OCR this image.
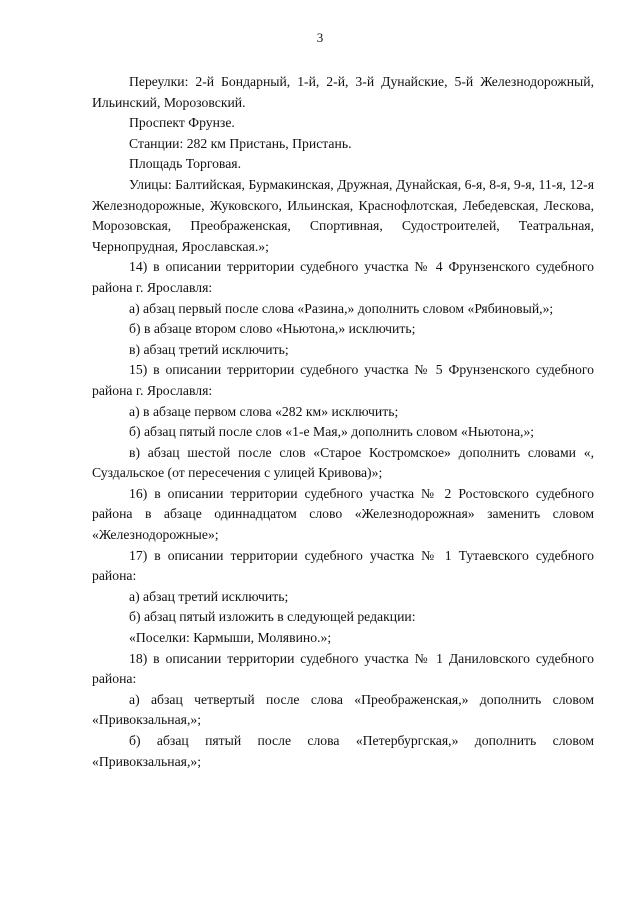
3

Переулки: 2-й Бондарный, 1-й, 2-й, 3-й Дунайские, 5-й Железнодорожный, Ильинский, Морозовский.

Проспект Фрунзе.

Станции: 282 км Пристань, Пристань.

Площадь Торговая.

Улицы: Балтийская, Бурмакинская, Дружная, Дунайская, 6-я, 8-я, 9-я, 11-я, 12-я Железнодорожные, Жуковского, Ильинская, Краснофлотская, Лебедевская, Лескова, Морозовская, Преображенская, Спортивная, Судостроителей, Театральная, Чернопрудная, Ярославская.»;

14) в описании территории судебного участка № 4 Фрунзенского судебного района г. Ярославля:

а) абзац первый после слова «Разина,» дополнить словом «Рябиновый,»;

б) в абзаце втором слово «Ньютона,» исключить;

в) абзац третий исключить;

15) в описании территории судебного участка № 5 Фрунзенского судебного района г. Ярославля:

а) в абзаце первом слова «282 км» исключить;

б) абзац пятый после слов «1-е Мая,» дополнить словом «Ньютона,»;

в) абзац шестой после слов «Старое Костромское» дополнить словами «, Суздальское (от пересечения с улицей Кривова)»;

16) в описании территории судебного участка № 2 Ростовского судебного района в абзаце одиннадцатом слово «Железнодорожная» заменить словом «Железнодорожные»;

17) в описании территории судебного участка № 1 Тутаевского судебного района:

а) абзац третий исключить;

б) абзац пятый изложить в следующей редакции:

«Поселки: Кармыши, Молявино.»;

18) в описании территории судебного участка № 1 Даниловского судебного района:

а) абзац четвертый после слова «Преображенская,» дополнить словом «Привокзальная,»;

б) абзац пятый после слова «Петербургская,» дополнить словом «Привокзальная,»;
